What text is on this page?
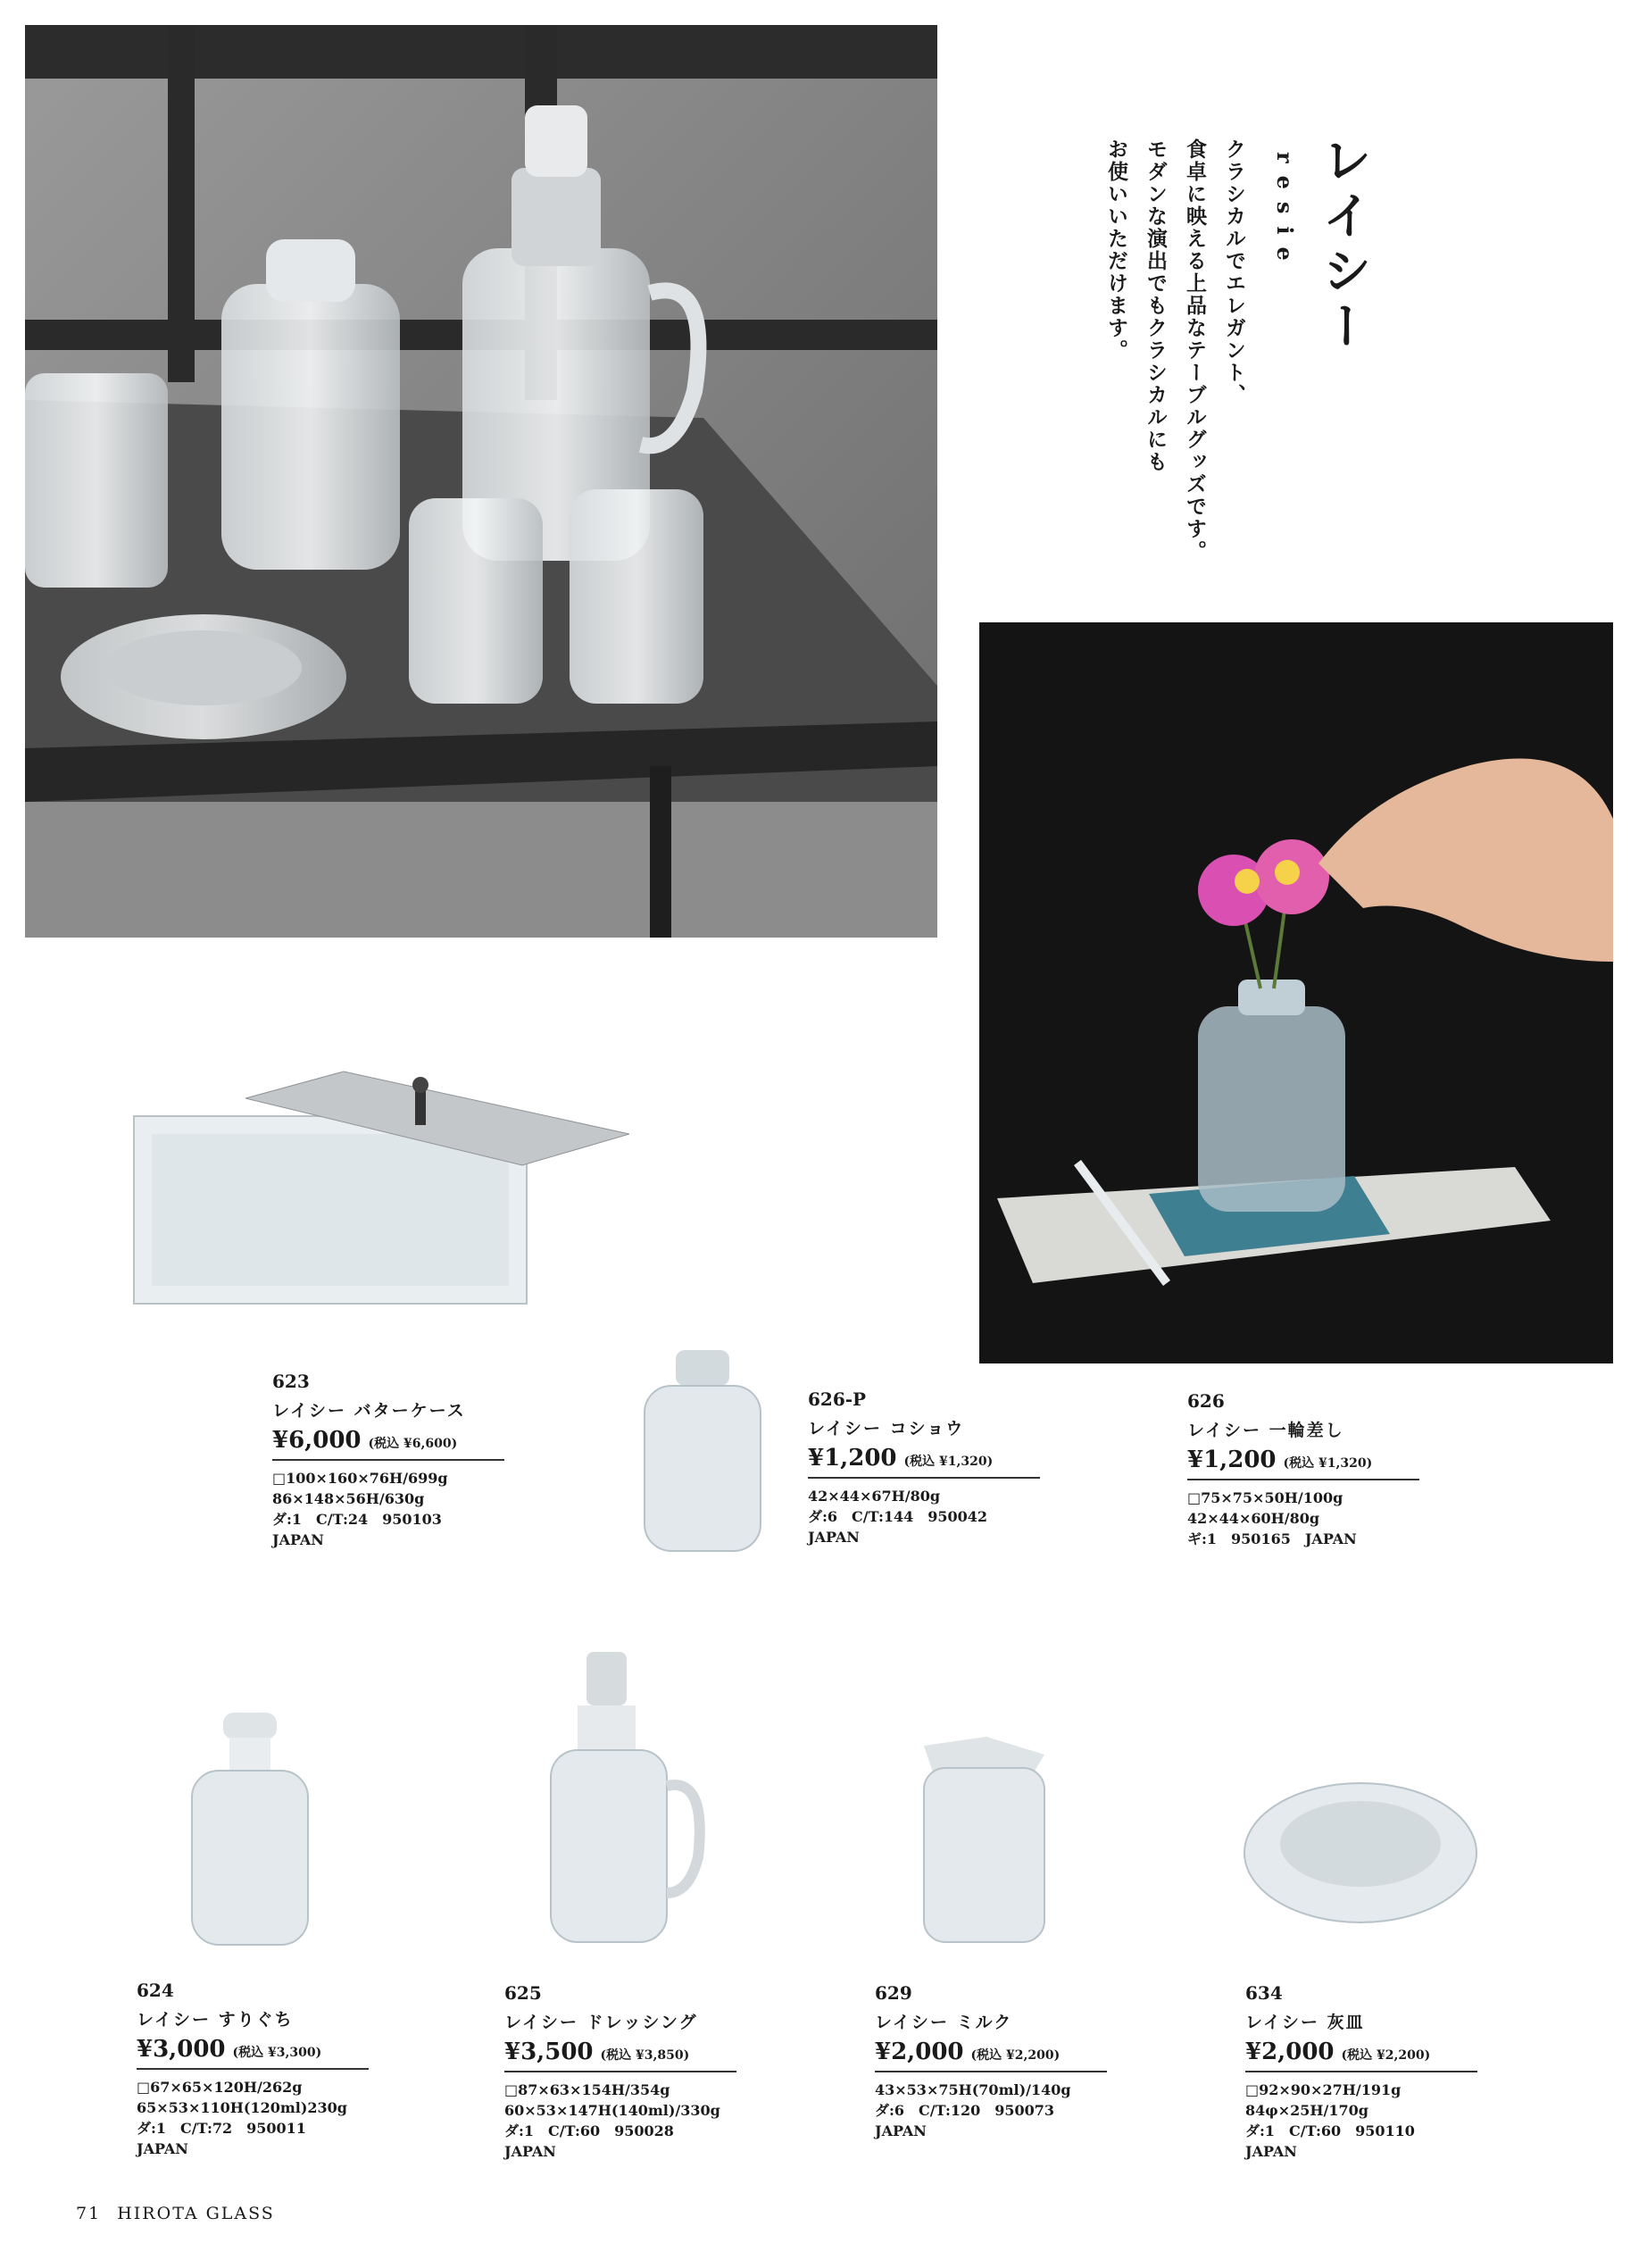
レイシー
resie
クラシカルでエレガント、
食卓に映える上品なテーブルグッズです。
モダンな演出でもクラシカルにも
お使いいただけます。
623
レイシー バターケース
¥6,000 (税込 ¥6,600)
□100×160×76H/699g
86×148×56H/630g
ダ:1　C/T:24　950103
JAPAN
626-P
レイシー コショウ
¥1,200 (税込 ¥1,320)
42×44×67H/80g
ダ:6　C/T:144　950042
JAPAN
626
レイシー 一輪差し
¥1,200 (税込 ¥1,320)
□75×75×50H/100g
42×44×60H/80g
ギ:1　950165　JAPAN
624
レイシー すりぐち
¥3,000 (税込 ¥3,300)
□67×65×120H/262g
65×53×110H(120ml)230g
ダ:1　C/T:72　950011
JAPAN
625
レイシー ドレッシング
¥3,500 (税込 ¥3,850)
□87×63×154H/354g
60×53×147H(140ml)/330g
ダ:1　C/T:60　950028
JAPAN
629
レイシー ミルク
¥2,000 (税込 ¥2,200)
43×53×75H(70ml)/140g
ダ:6　C/T:120　950073
JAPAN
634
レイシー 灰皿
¥2,000 (税込 ¥2,200)
□92×90×27H/191g
84φ×25H/170g
ダ:1　C/T:60　950110
JAPAN
71 HIROTA GLASS
